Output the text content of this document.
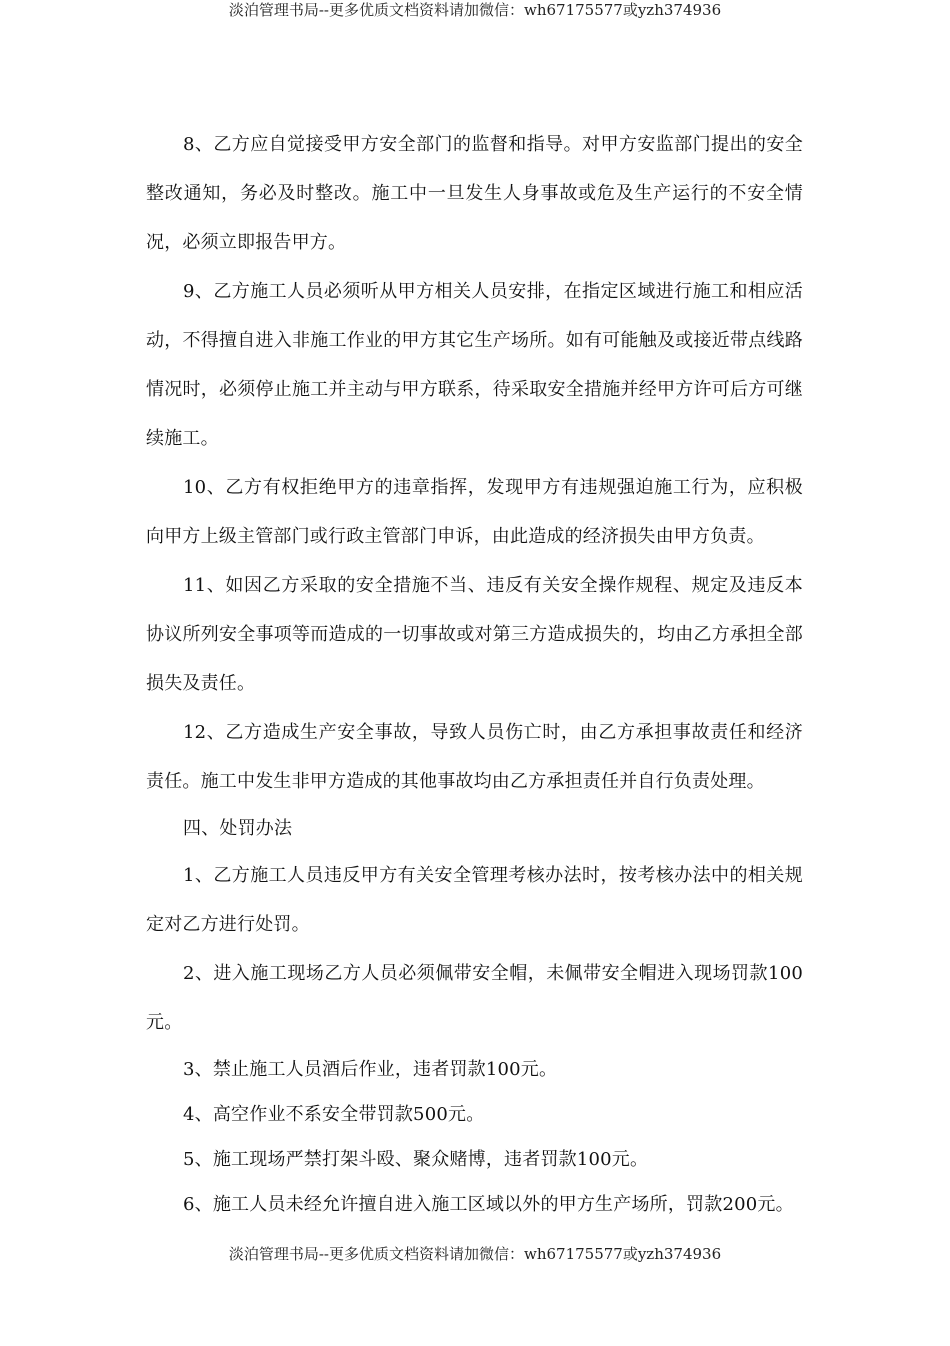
淡泊管理书局--更多优质文档资料请加微信：wh67175577或yzh374936

8、乙方应自觉接受甲方安全部门的监督和指导。对甲方安监部门提出的安全整改通知，务必及时整改。施工中一旦发生人身事故或危及生产运行的不安全情况，必须立即报告甲方。

9、乙方施工人员必须听从甲方相关人员安排，在指定区域进行施工和相应活动，不得擅自进入非施工作业的甲方其它生产场所。如有可能触及或接近带点线路情况时，必须停止施工并主动与甲方联系，待采取安全措施并经甲方许可后方可继续施工。

10、乙方有权拒绝甲方的违章指挥，发现甲方有违规强迫施工行为，应积极向甲方上级主管部门或行政主管部门申诉，由此造成的经济损失由甲方负责。

11、如因乙方采取的安全措施不当、违反有关安全操作规程、规定及违反本协议所列安全事项等而造成的一切事故或对第三方造成损失的，均由乙方承担全部损失及责任。

12、乙方造成生产安全事故，导致人员伤亡时，由乙方承担事故责任和经济责任。施工中发生非甲方造成的其他事故均由乙方承担责任并自行负责处理。

四、处罚办法

1、乙方施工人员违反甲方有关安全管理考核办法时，按考核办法中的相关规定对乙方进行处罚。

2、进入施工现场乙方人员必须佩带安全帽，未佩带安全帽进入现场罚款100元。

3、禁止施工人员酒后作业，违者罚款100元。

4、高空作业不系安全带罚款500元。

5、施工现场严禁打架斗殴、聚众赌博，违者罚款100元。

6、施工人员未经允许擅自进入施工区域以外的甲方生产场所，罚款200元。

淡泊管理书局--更多优质文档资料请加微信：wh67175577或yzh374936
